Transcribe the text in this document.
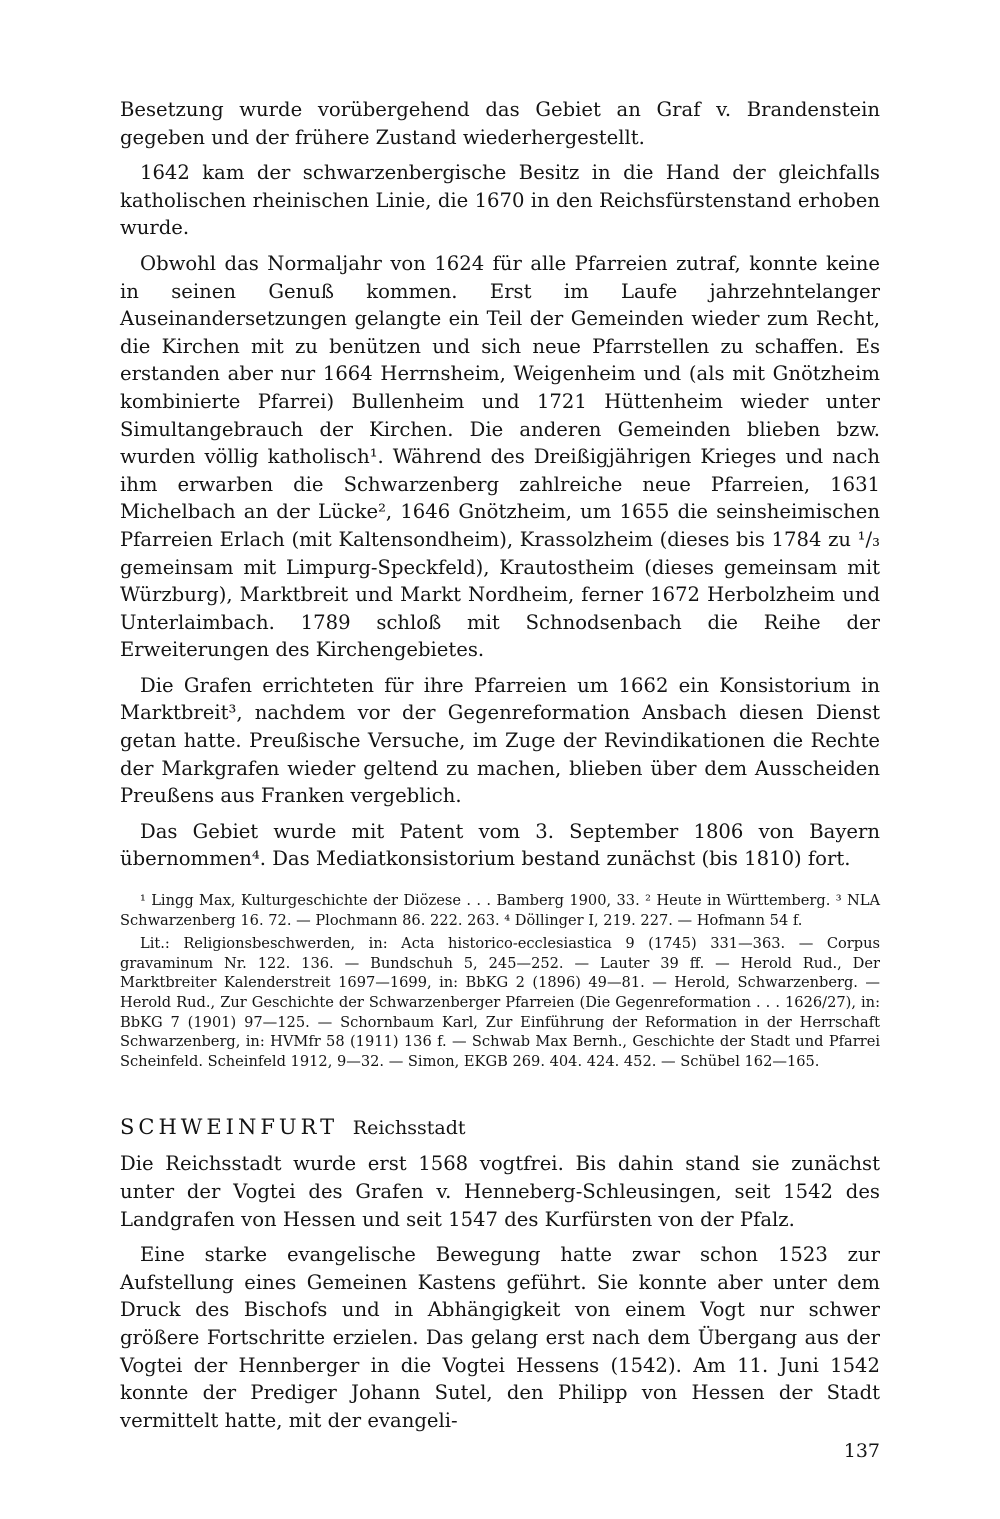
Besetzung wurde vorübergehend das Gebiet an Graf v. Brandenstein gegeben und der frühere Zustand wiederhergestellt.

1642 kam der schwarzenbergische Besitz in die Hand der gleichfalls katholischen rheinischen Linie, die 1670 in den Reichsfürstenstand erhoben wurde.

Obwohl das Normaljahr von 1624 für alle Pfarreien zutraf, konnte keine in seinen Genuß kommen. Erst im Laufe jahrzehntelanger Auseinandersetzungen gelangte ein Teil der Gemeinden wieder zum Recht, die Kirchen mit zu benützen und sich neue Pfarrstellen zu schaffen. Es erstanden aber nur 1664 Herrnsheim, Weigenheim und (als mit Gnötzheim kombinierte Pfarrei) Bullenheim und 1721 Hüttenheim wieder unter Simultangebrauch der Kirchen. Die anderen Gemeinden blieben bzw. wurden völlig katholisch¹. Während des Dreißigjährigen Krieges und nach ihm erwarben die Schwarzenberg zahlreiche neue Pfarreien, 1631 Michelbach an der Lücke², 1646 Gnötzheim, um 1655 die seinsheimischen Pfarreien Erlach (mit Kaltensondheim), Krassolzheim (dieses bis 1784 zu ¹/₃ gemeinsam mit Limpurg-Speckfeld), Krautostheim (dieses gemeinsam mit Würzburg), Marktbreit und Markt Nordheim, ferner 1672 Herbolzheim und Unterlaimbach. 1789 schloß mit Schnodsenbach die Reihe der Erweiterungen des Kirchengebietes.

Die Grafen errichteten für ihre Pfarreien um 1662 ein Konsistorium in Marktbreit³, nachdem vor der Gegenreformation Ansbach diesen Dienst getan hatte. Preußische Versuche, im Zuge der Revindikationen die Rechte der Markgrafen wieder geltend zu machen, blieben über dem Ausscheiden Preußens aus Franken vergeblich.

Das Gebiet wurde mit Patent vom 3. September 1806 von Bayern übernommen⁴. Das Mediatkonsistorium bestand zunächst (bis 1810) fort.

¹ Lingg Max, Kulturgeschichte der Diözese . . . Bamberg 1900, 33. ² Heute in Württemberg. ³ NLA Schwarzenberg 16. 72. — Plochmann 86. 222. 263. ⁴ Döllinger I, 219. 227. — Hofmann 54 f.

Lit.: Religionsbeschwerden, in: Acta historico-ecclesiastica 9 (1745) 331—363. — Corpus gravaminum Nr. 122. 136. — Bundschuh 5, 245—252. — Lauter 39 ff. — Herold Rud., Der Marktbreiter Kalenderstreit 1697—1699, in: BbKG 2 (1896) 49—81. — Herold, Schwarzenberg. — Herold Rud., Zur Geschichte der Schwarzenberger Pfarreien (Die Gegenreformation . . . 1626/27), in: BbKG 7 (1901) 97—125. — Schornbaum Karl, Zur Einführung der Reformation in der Herrschaft Schwarzenberg, in: HVMfr 58 (1911) 136 f. — Schwab Max Bernh., Geschichte der Stadt und Pfarrei Scheinfeld. Scheinfeld 1912, 9—32. — Simon, EKGB 269. 404. 424. 452. — Schübel 162—165.

SCHWEINFURT Reichsstadt

Die Reichsstadt wurde erst 1568 vogtfrei. Bis dahin stand sie zunächst unter der Vogtei des Grafen v. Henneberg-Schleusingen, seit 1542 des Landgrafen von Hessen und seit 1547 des Kurfürsten von der Pfalz.

Eine starke evangelische Bewegung hatte zwar schon 1523 zur Aufstellung eines Gemeinen Kastens geführt. Sie konnte aber unter dem Druck des Bischofs und in Abhängigkeit von einem Vogt nur schwer größere Fortschritte erzielen. Das gelang erst nach dem Übergang aus der Vogtei der Hennberger in die Vogtei Hessens (1542). Am 11. Juni 1542 konnte der Prediger Johann Sutel, den Philipp von Hessen der Stadt vermittelt hatte, mit der evangeli-

137
